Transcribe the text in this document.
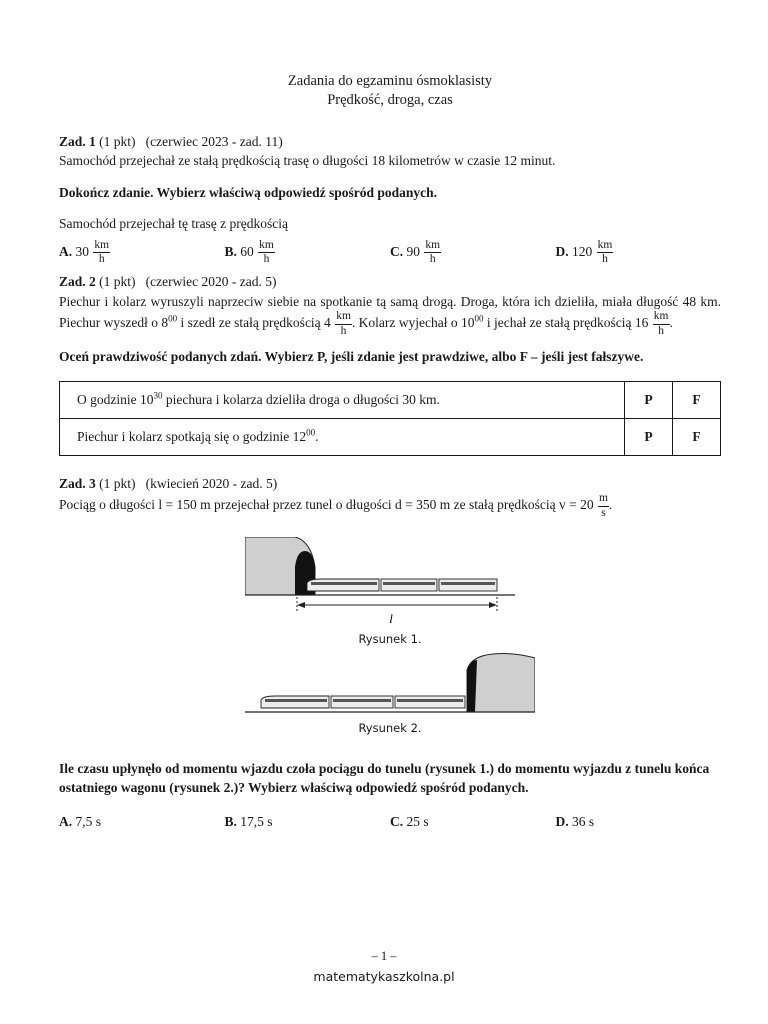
Zadania do egzaminu ósmoklasisty
Prędkość, droga, czas

Zad. 1 (1 pkt) (czerwiec 2023 - zad. 11)

Samochód przejechał ze stałą prędkością trasę o długości 18 kilometrów w czasie 12 minut.

Dokończ zdanie. Wybierz właściwą odpowiedź spośród podanych.

Samochód przejechał tę trasę z prędkością

A. $30 \frac{km}{h}$	B. $60 \frac{km}{h}$	C. $90 \frac{km}{h}$	D. $120 \frac{km}{h}$

Zad. 2 (1 pkt) (czerwiec 2020 - zad. 5)

Piechur i kolarz wyruszyli naprzeciw siebie na spotkanie tą samą drogą. Droga, która ich dzieliła, miała długość 48 km. Piechur wyszedł o $8^{00}$ i szedł ze stałą prędkością $4 \frac{km}{h}$ . Kolarz wyjechał o $10^{00}$ i jechał ze stałą prędkością $16 \frac{km}{h}$ .

Oceń prawdziwość podanych zdań. Wybierz P, jeśli zdanie jest prawdziwe, albo F – jeśli jest fałszywe.

O godzinie $10^{30}$ piechura i kolarza dzieliła droga o długości 30 km.	P	F
Piechur i kolarz spotkają się o godzinie $12^{00}$.	P	F

Zad. 3 (1 pkt) (kwiecień 2020 - zad. 5)

Pociąg o długości l = 150 m przejechał przez tunel o długości d = 350 m ze stałą prędkością $v = 20 \frac{m}{s}$ .

l
Rysunek 1.
Rysunek 2.

Ile czasu upłynęło od momentu wjazdu czoła pociągu do tunelu (rysunek 1.) do momentu wyjazdu z tunelu końca ostatniego wagonu (rysunek 2.)? Wybierz właściwą odpowiedź spośród podanych.

A. 7,5 s	B. 17,5 s	C. 25 s	D. 36 s
– 1 –
matematykaszkolna.pl
